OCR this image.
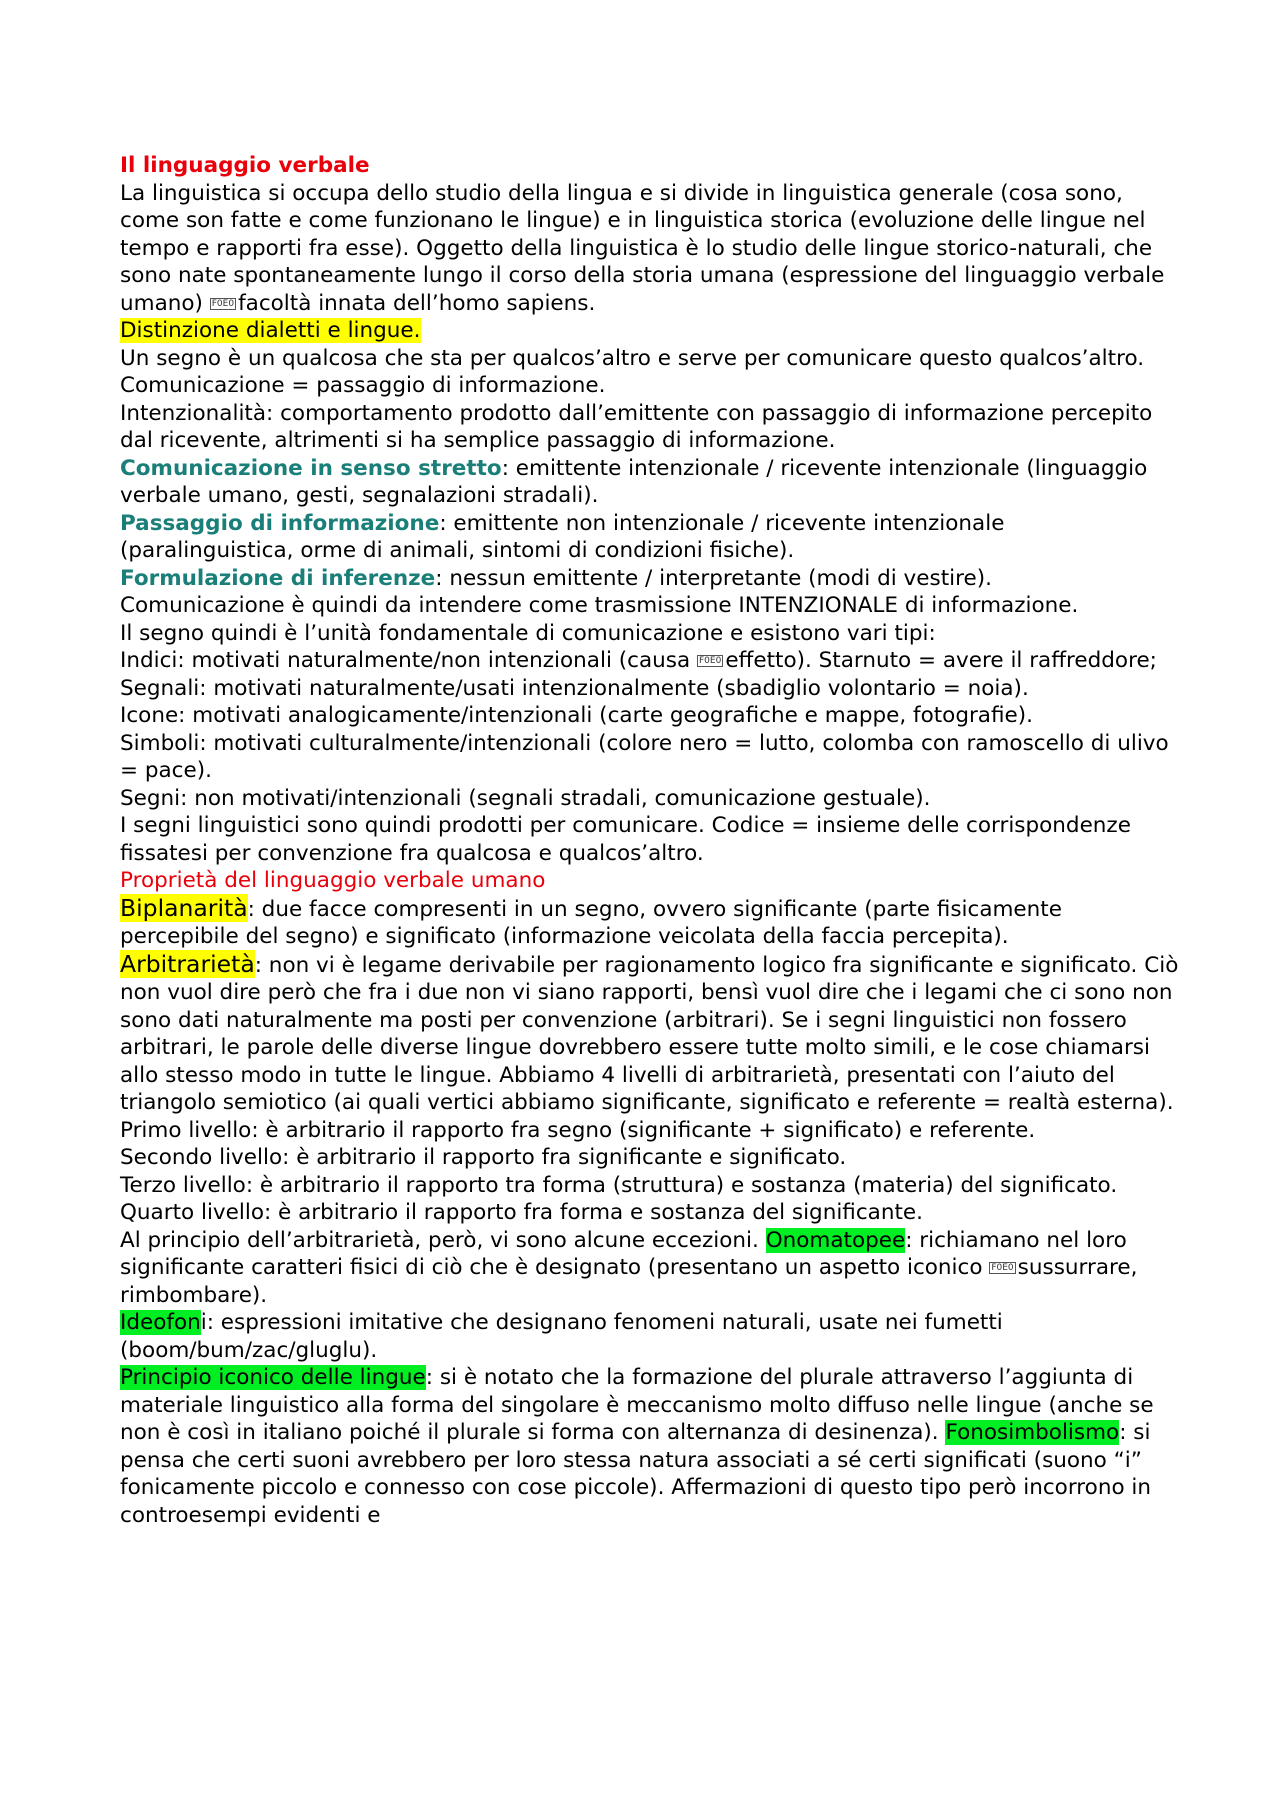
Il linguaggio verbale

La linguistica si occupa dello studio della lingua e si divide in linguistica generale (cosa sono, come son fatte e come funzionano le lingue) e in linguistica storica (evoluzione delle lingue nel tempo e rapporti fra esse). Oggetto della linguistica è lo studio delle lingue storico-naturali, che sono nate spontaneamente lungo il corso della storia umana (espressione del linguaggio verbale umano) F0E0 facoltà innata dell’homo sapiens.

Distinzione dialetti e lingue.

Un segno è un qualcosa che sta per qualcos’altro e serve per comunicare questo qualcos’altro.

Comunicazione = passaggio di informazione.

Intenzionalità: comportamento prodotto dall’emittente con passaggio di informazione percepito dal ricevente, altrimenti si ha semplice passaggio di informazione.

Comunicazione in senso stretto: emittente intenzionale / ricevente intenzionale (linguaggio verbale umano, gesti, segnalazioni stradali).

Passaggio di informazione: emittente non intenzionale / ricevente intenzionale (paralinguistica, orme di animali, sintomi di condizioni fisiche).

Formulazione di inferenze: nessun emittente / interpretante (modi di vestire).

Comunicazione è quindi da intendere come trasmissione INTENZIONALE di informazione.

Il segno quindi è l’unità fondamentale di comunicazione e esistono vari tipi:

Indici: motivati naturalmente/non intenzionali (causa F0E0 effetto). Starnuto = avere il raffreddore;

Segnali: motivati naturalmente/usati intenzionalmente (sbadiglio volontario = noia).

Icone: motivati analogicamente/intenzionali (carte geografiche e mappe, fotografie).

Simboli: motivati culturalmente/intenzionali (colore nero = lutto, colomba con ramoscello di ulivo = pace).

Segni: non motivati/intenzionali (segnali stradali, comunicazione gestuale).

I segni linguistici sono quindi prodotti per comunicare. Codice = insieme delle corrispondenze fissatesi per convenzione fra qualcosa e qualcos’altro.

Proprietà del linguaggio verbale umano

Biplanarità: due facce compresenti in un segno, ovvero significante (parte fisicamente percepibile del segno) e significato (informazione veicolata della faccia percepita).

Arbitrarietà: non vi è legame derivabile per ragionamento logico fra significante e significato. Ciò non vuol dire però che fra i due non vi siano rapporti, bensì vuol dire che i legami che ci sono non sono dati naturalmente ma posti per convenzione (arbitrari). Se i segni linguistici non fossero arbitrari, le parole delle diverse lingue dovrebbero essere tutte molto simili, e le cose chiamarsi allo stesso modo in tutte le lingue. Abbiamo 4 livelli di arbitrarietà, presentati con l’aiuto del triangolo semiotico (ai quali vertici abbiamo significante, significato e referente = realtà esterna).

Primo livello: è arbitrario il rapporto fra segno (significante + significato) e referente.

Secondo livello: è arbitrario il rapporto fra significante e significato.

Terzo livello: è arbitrario il rapporto tra forma (struttura) e sostanza (materia) del significato.

Quarto livello: è arbitrario il rapporto fra forma e sostanza del significante.

Al principio dell’arbitrarietà, però, vi sono alcune eccezioni. Onomatopee: richiamano nel loro significante caratteri fisici di ciò che è designato (presentano un aspetto iconico F0E0 sussurrare, rimbombare).

Ideofoni: espressioni imitative che designano fenomeni naturali, usate nei fumetti (boom/bum/zac/gluglu).

Principio iconico delle lingue: si è notato che la formazione del plurale attraverso l’aggiunta di materiale linguistico alla forma del singolare è meccanismo molto diffuso nelle lingue (anche se non è così in italiano poiché il plurale si forma con alternanza di desinenza). Fonosimbolismo: si pensa che certi suoni avrebbero per loro stessa natura associati a sé certi significati (suono “i” fonicamente piccolo e connesso con cose piccole). Affermazioni di questo tipo però incorrono in controesempi evidenti e
